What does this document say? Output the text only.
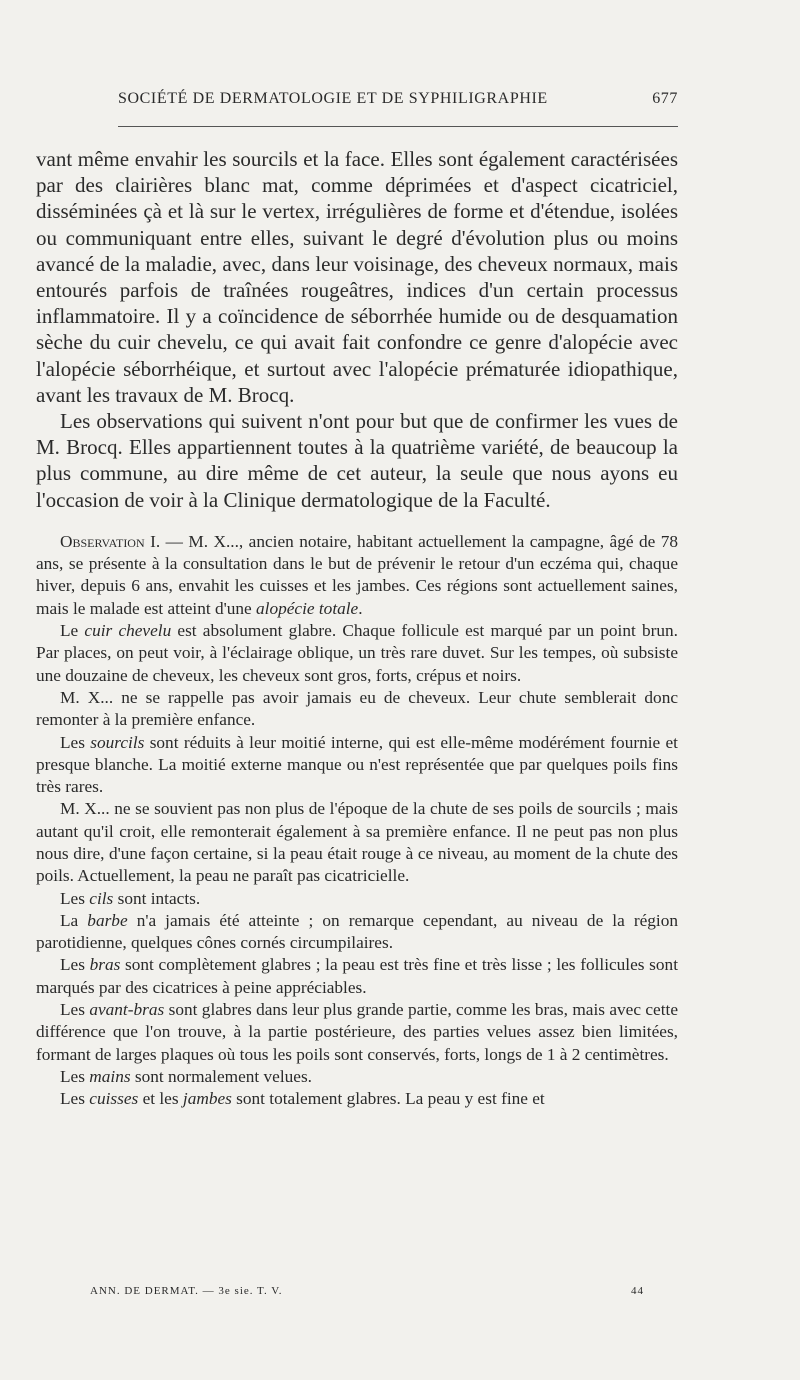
SOCIÉTÉ DE DERMATOLOGIE ET DE SYPHILIGRAPHIE	677

vant même envahir les sourcils et la face. Elles sont également caractérisées par des clairières blanc mat, comme déprimées et d'aspect cicatriciel, disséminées çà et là sur le vertex, irrégulières de forme et d'étendue, isolées ou communiquant entre elles, suivant le degré d'évolution plus ou moins avancé de la maladie, avec, dans leur voisinage, des cheveux normaux, mais entourés parfois de traînées rougeâtres, indices d'un certain processus inflammatoire. Il y a coïncidence de séborrhée humide ou de desquamation sèche du cuir chevelu, ce qui avait fait confondre ce genre d'alopécie avec l'alopécie séborrhéique, et surtout avec l'alopécie prématurée idiopathique, avant les travaux de M. Brocq.

Les observations qui suivent n'ont pour but que de confirmer les vues de M. Brocq. Elles appartiennent toutes à la quatrième variété, de beaucoup la plus commune, au dire même de cet auteur, la seule que nous ayons eu l'occasion de voir à la Clinique dermatologique de la Faculté.

Observation I. — M. X..., ancien notaire, habitant actuellement la campagne, âgé de 78 ans, se présente à la consultation dans le but de prévenir le retour d'un eczéma qui, chaque hiver, depuis 6 ans, envahit les cuisses et les jambes. Ces régions sont actuellement saines, mais le malade est atteint d'une alopécie totale.

Le cuir chevelu est absolument glabre. Chaque follicule est marqué par un point brun. Par places, on peut voir, à l'éclairage oblique, un très rare duvet. Sur les tempes, où subsiste une douzaine de cheveux, les cheveux sont gros, forts, crépus et noirs.

M. X... ne se rappelle pas avoir jamais eu de cheveux. Leur chute semblerait donc remonter à la première enfance.

Les sourcils sont réduits à leur moitié interne, qui est elle-même modérément fournie et presque blanche. La moitié externe manque ou n'est représentée que par quelques poils fins très rares.

M. X... ne se souvient pas non plus de l'époque de la chute de ses poils de sourcils ; mais autant qu'il croit, elle remonterait également à sa première enfance. Il ne peut pas non plus nous dire, d'une façon certaine, si la peau était rouge à ce niveau, au moment de la chute des poils. Actuellement, la peau ne paraît pas cicatricielle.

Les cils sont intacts.

La barbe n'a jamais été atteinte ; on remarque cependant, au niveau de la région parotidienne, quelques cônes cornés circumpilaires.

Les bras sont complètement glabres ; la peau est très fine et très lisse ; les follicules sont marqués par des cicatrices à peine appréciables.

Les avant-bras sont glabres dans leur plus grande partie, comme les bras, mais avec cette différence que l'on trouve, à la partie postérieure, des parties velues assez bien limitées, formant de larges plaques où tous les poils sont conservés, forts, longs de 1 à 2 centimètres.

Les mains sont normalement velues.

Les cuisses et les jambes sont totalement glabres. La peau y est fine et

ANN. DE DERMAT. — 3e sie. T. V.	44
